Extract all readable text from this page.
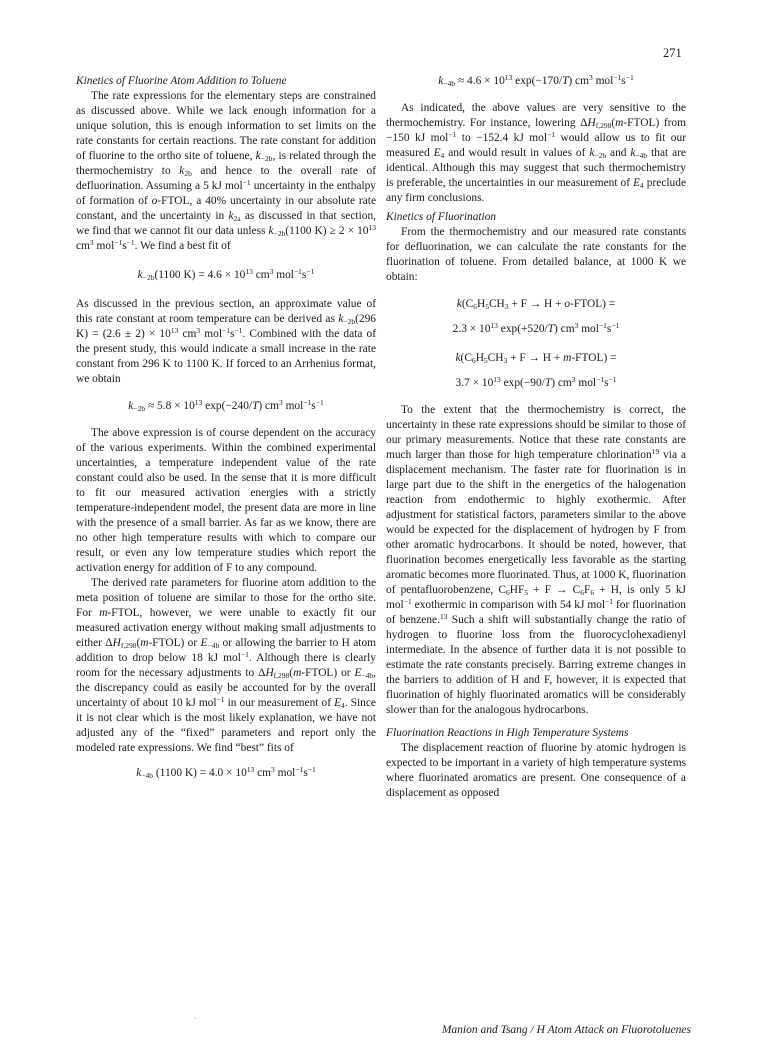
271
Kinetics of Fluorine Atom Addition to Toluene

The rate expressions for the elementary steps are constrained as discussed above. While we lack enough information for a unique solution, this is enough information to set limits on the rate constants for certain reactions. The rate constant for addition of fluorine to the ortho site of toluene, $k_{-2b}$, is related through the thermochemistry to $k_{2b}$ and hence to the overall rate of defluorination. Assuming a 5 kJ mol$^{-1}$ uncertainty in the enthalpy of formation of o-FTOL, a 40% uncertainty in our absolute rate constant, and the uncertainty in $k_{2a}$ as discussed in that section, we find that we cannot fit our data unless $k_{-2b}(1100$ $K) \ge 2 \times 10^{13}$ $cm^3$ $mol^{-1}s^{-1}$. We find a best fit of

$k_{-2b}(1100$ $K) = 4.6 \times 10^{13}$ $cm^3$ $mol^{-1}s^{-1}$

As discussed in the previous section, an approximate value of this rate constant at room temperature can be derived as $k_{-2b}(296$ $K) = (2.6 \pm 2) \times 10^{13}$ $cm^3$ $mol^{-1}s^{-1}$. Combined with the data of the present study, this would indicate a small increase in the rate constant from 296 K to 1100 K. If forced to an Arrhenius format, we obtain

$k_{-2b} \approx 5.8 \times 10^{13}$ exp(−240/T) $cm^3$ $mol^{-1}s^{-1}$

The above expression is of course dependent on the accuracy of the various experiments. Within the combined experimental uncertainties, a temperature independent value of the rate constant could also be used. In the sense that it is more difficult to fit our measured activation energies with a strictly temperature-independent model, the present data are more in line with the presence of a small barrier. As far as we know, there are no other high temperature results with which to compare our result, or even any low temperature studies which report the activation energy for addition of F to any compound.

The derived rate parameters for fluorine atom addition to the meta position of toluene are similar to those for the ortho site. For m-FTOL, however, we were unable to exactly fit our measured activation energy without making small adjustments to either $\Delta H_{f,298}(m-FTOL)$ or $E_{-4b}$ or allowing the barrier to H atom addition to drop below 18 kJ mol$^{-1}$. Although there is clearly room for the necessary adjustments to $\Delta H_{f,298}(m-FTOL)$ or $E_{-4b}$, the discrepancy could as easily be accounted for by the overall uncertainty of about 10 kJ mol$^{-1}$ in our measurement of $E_4$. Since it is not clear which is the most likely explanation, we have not adjusted any of the “fixed” parameters and report only the modeled rate expressions. We find “best” fits of

$k_{-4b}$ (1100 $K) = 4.0 \times 10^{13}$ $cm^3$ $mol^{-1}s^{-1}$
$k_{-4b} \approx 4.6 \times 10^{13}$ exp(−170/T) $cm^3$ $mol^{-1}s^{-1}$

As indicated, the above values are very sensitive to the thermochemistry. For instance, lowering $\Delta H_{f,298}(m-FTOL)$ from −150 kJ mol$^{-1}$ to −152.4 kJ mol$^{-1}$ would allow us to fit our measured $E_4$ and would result in values of $k_{-2b}$ and $k_{-4b}$ that are identical. Although this may suggest that such thermochemistry is preferable, the uncertainties in our measurement of $E_4$ preclude any firm conclusions.

Kinetics of Fluorination

From the thermochemistry and our measured rate constants for defluorination, we can calculate the rate constants for the fluorination of toluene. From detailed balance, at 1000 K we obtain:

$k(C_6H_5CH_3 + F \to H$ + o-FTOL) =
$2.3 \times 10^{13}$ exp(+520/T) $cm^3$ $mol^{-1}s^{-1}$
$k(C_6H_5CH_3 + F \to H$ + m-FTOL) =
$3.7 \times 10^{13}$ exp(−90/T) $cm^3$ $mol^{-1}s^{-1}$

To the extent that the thermochemistry is correct, the uncertainty in these rate expressions should be similar to those of our primary measurements. Notice that these rate constants are much larger than those for high temperature chlorination$^{19}$ via a displacement mechanism. The faster rate for fluorination is in large part due to the shift in the energetics of the halogenation reaction from endothermic to highly exothermic. After adjustment for statistical factors, parameters similar to the above would be expected for the displacement of hydrogen by F from other aromatic hydrocarbons. It should be noted, however, that fluorination becomes energetically less favorable as the starting aromatic becomes more fluorinated. Thus, at 1000 K, fluorination of pentafluorobenzene, $C_6HF_5 + F \to C_6F_6 + H$, is only 5 kJ mol$^{-1}$ exothermic in comparison with 54 kJ mol$^{-1}$ for fluorination of benzene.$^{13}$ Such a shift will substantially change the ratio of hydrogen to fluorine loss from the fluorocyclohexadienyl intermediate. In the absence of further data it is not possible to estimate the rate constants precisely. Barring extreme changes in the barriers to addition of H and F, however, it is expected that fluorination of highly fluorinated aromatics will be considerably slower than for the analogous hydrocarbons.

Fluorination Reactions in High Temperature Systems

The displacement reaction of fluorine by atomic hydrogen is expected to be important in a variety of high temperature systems where fluorinated aromatics are present. One consequence of a displacement as opposed

·
Manion and Tsang / H Atom Attack on Fluorotoluenes
